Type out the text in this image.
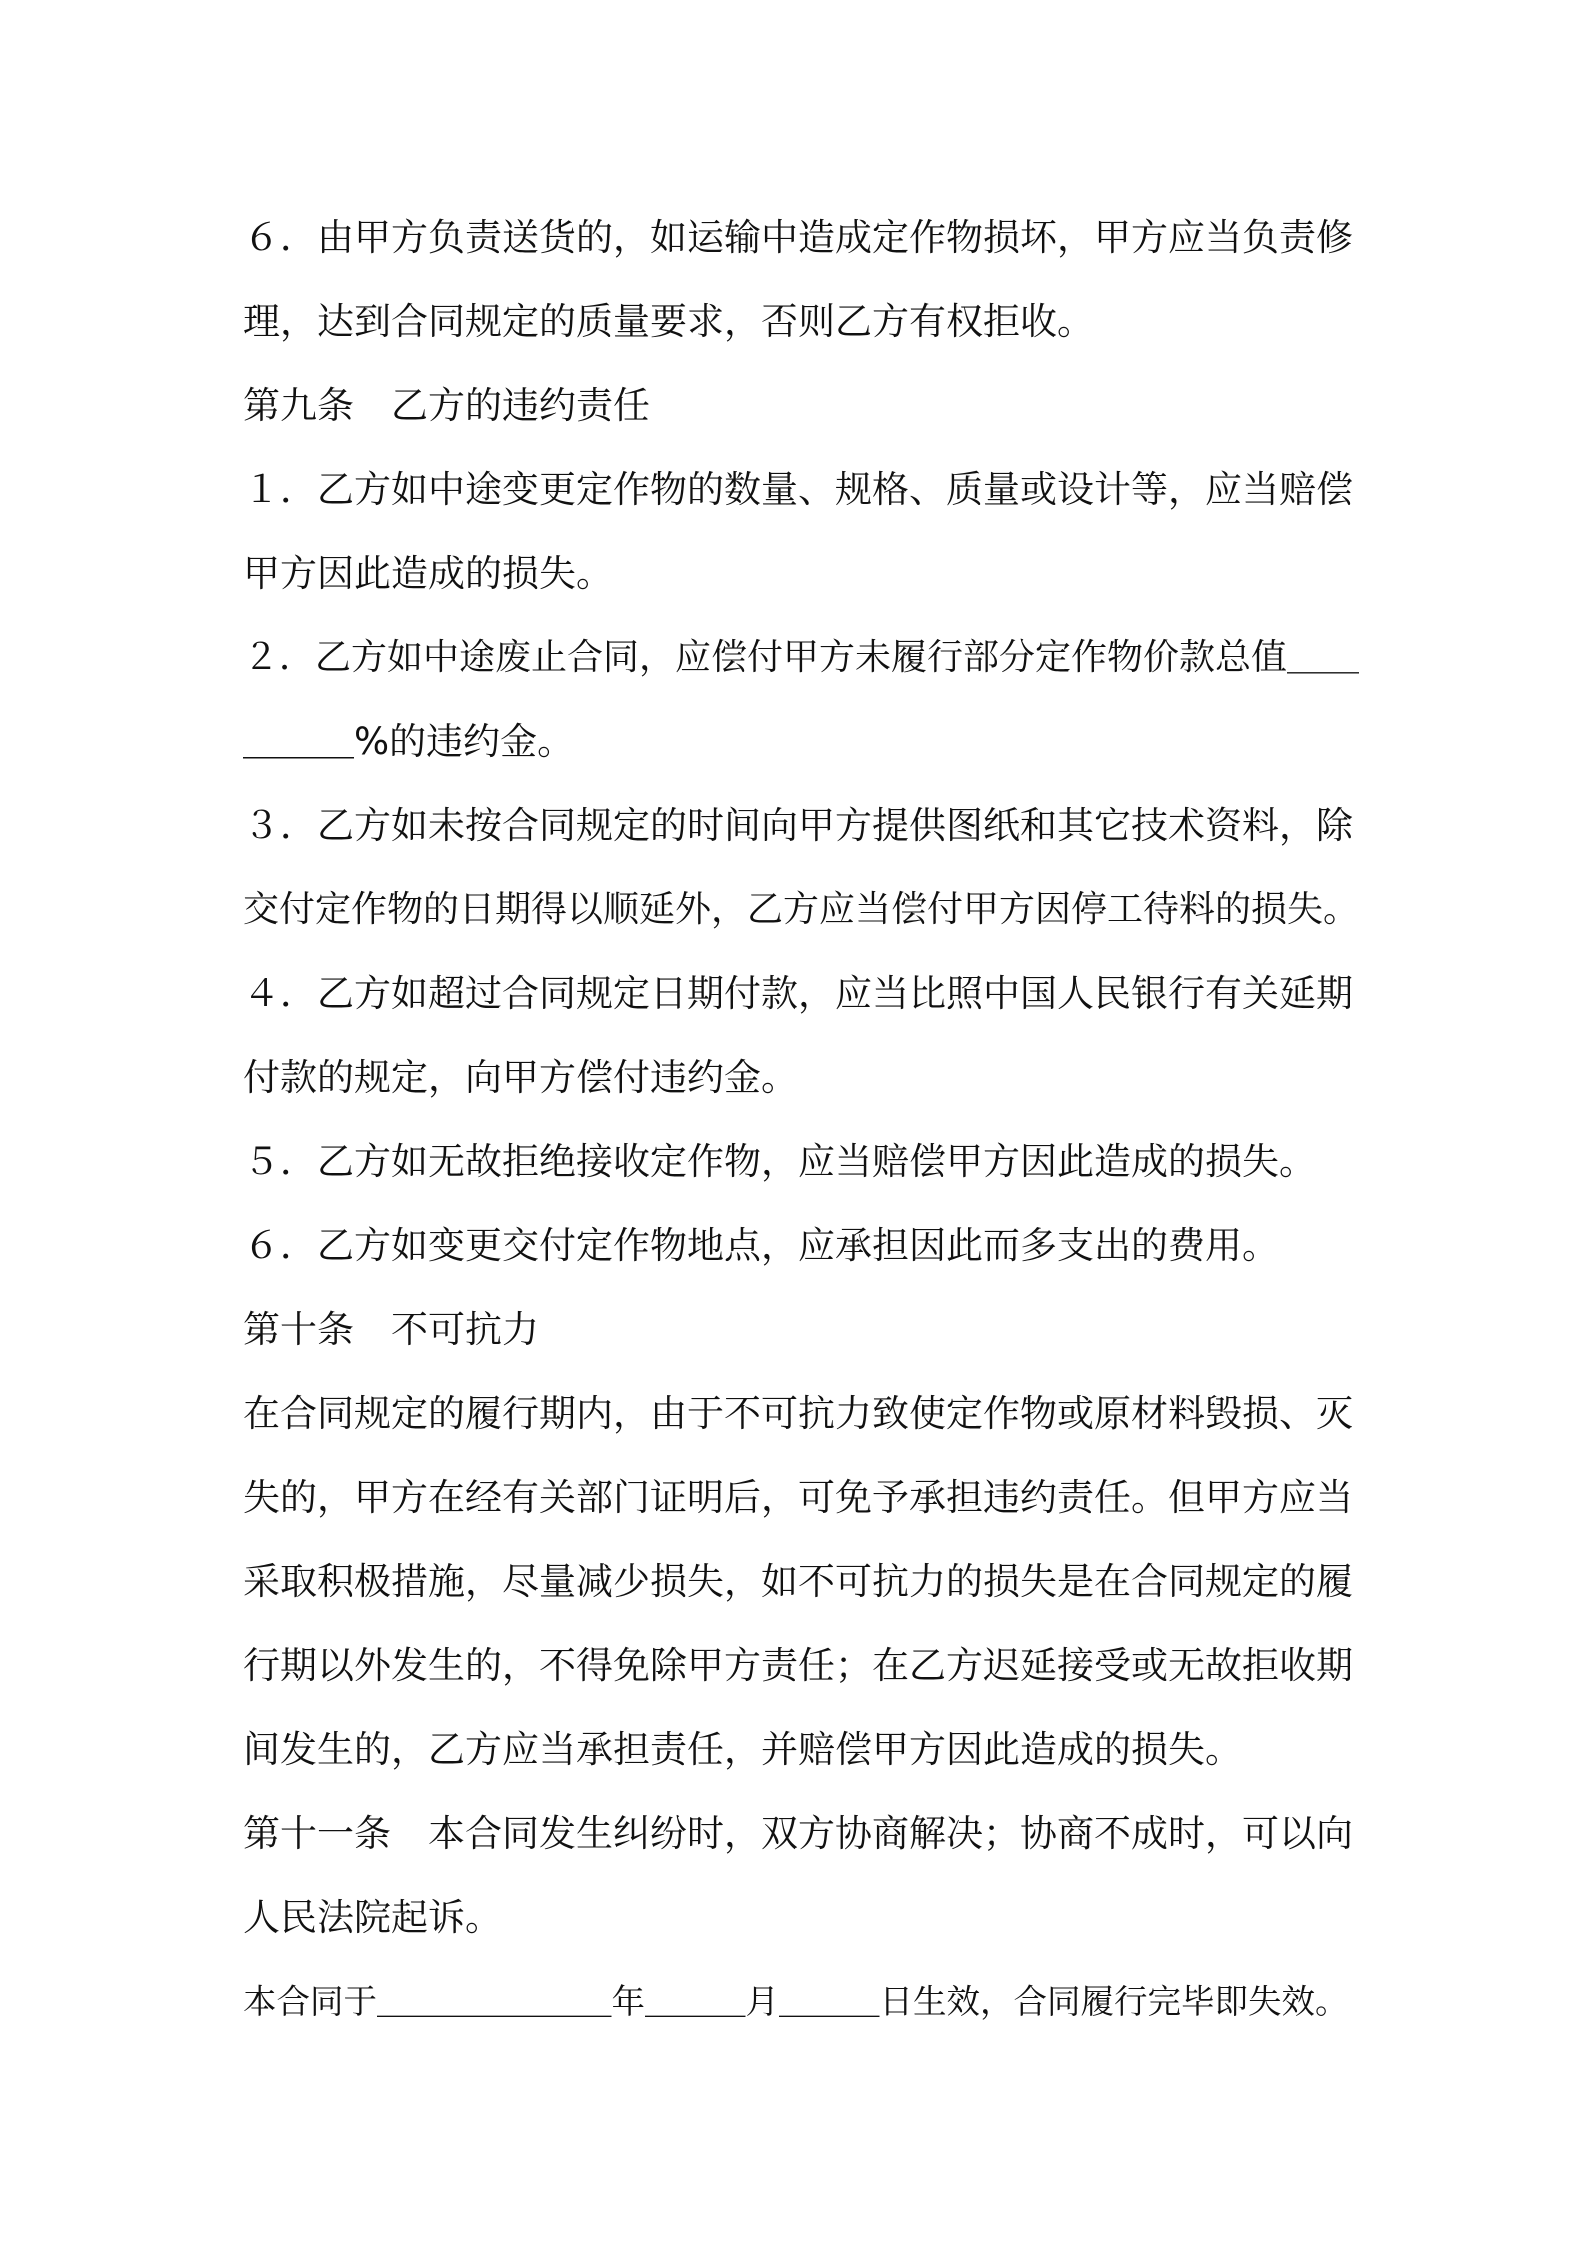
６．由甲方负责送货的，如运输中造成定作物损坏，甲方应当负责修
理，达到合同规定的质量要求，否则乙方有权拒收。
第九条　乙方的违约责任
１．乙方如中途变更定作物的数量、规格、质量或设计等，应当赔偿
甲方因此造成的损失。
２．乙方如中途废止合同，应偿付甲方未履行部分定作物价款总值＿＿
＿＿＿%的违约金。
３．乙方如未按合同规定的时间向甲方提供图纸和其它技术资料，除
交付定作物的日期得以顺延外，乙方应当偿付甲方因停工待料的损失。
４．乙方如超过合同规定日期付款，应当比照中国人民银行有关延期
付款的规定，向甲方偿付违约金。
５．乙方如无故拒绝接收定作物，应当赔偿甲方因此造成的损失。
６．乙方如变更交付定作物地点，应承担因此而多支出的费用。
第十条　不可抗力
在合同规定的履行期内，由于不可抗力致使定作物或原材料毁损、灭
失的，甲方在经有关部门证明后，可免予承担违约责任。但甲方应当
采取积极措施，尽量减少损失，如不可抗力的损失是在合同规定的履
行期以外发生的，不得免除甲方责任；在乙方迟延接受或无故拒收期
间发生的，乙方应当承担责任，并赔偿甲方因此造成的损失。
第十一条　本合同发生纠纷时，双方协商解决；协商不成时，可以向
人民法院起诉。
本合同于＿＿＿＿＿＿＿年＿＿＿月＿＿＿日生效，合同履行完毕即失效。
